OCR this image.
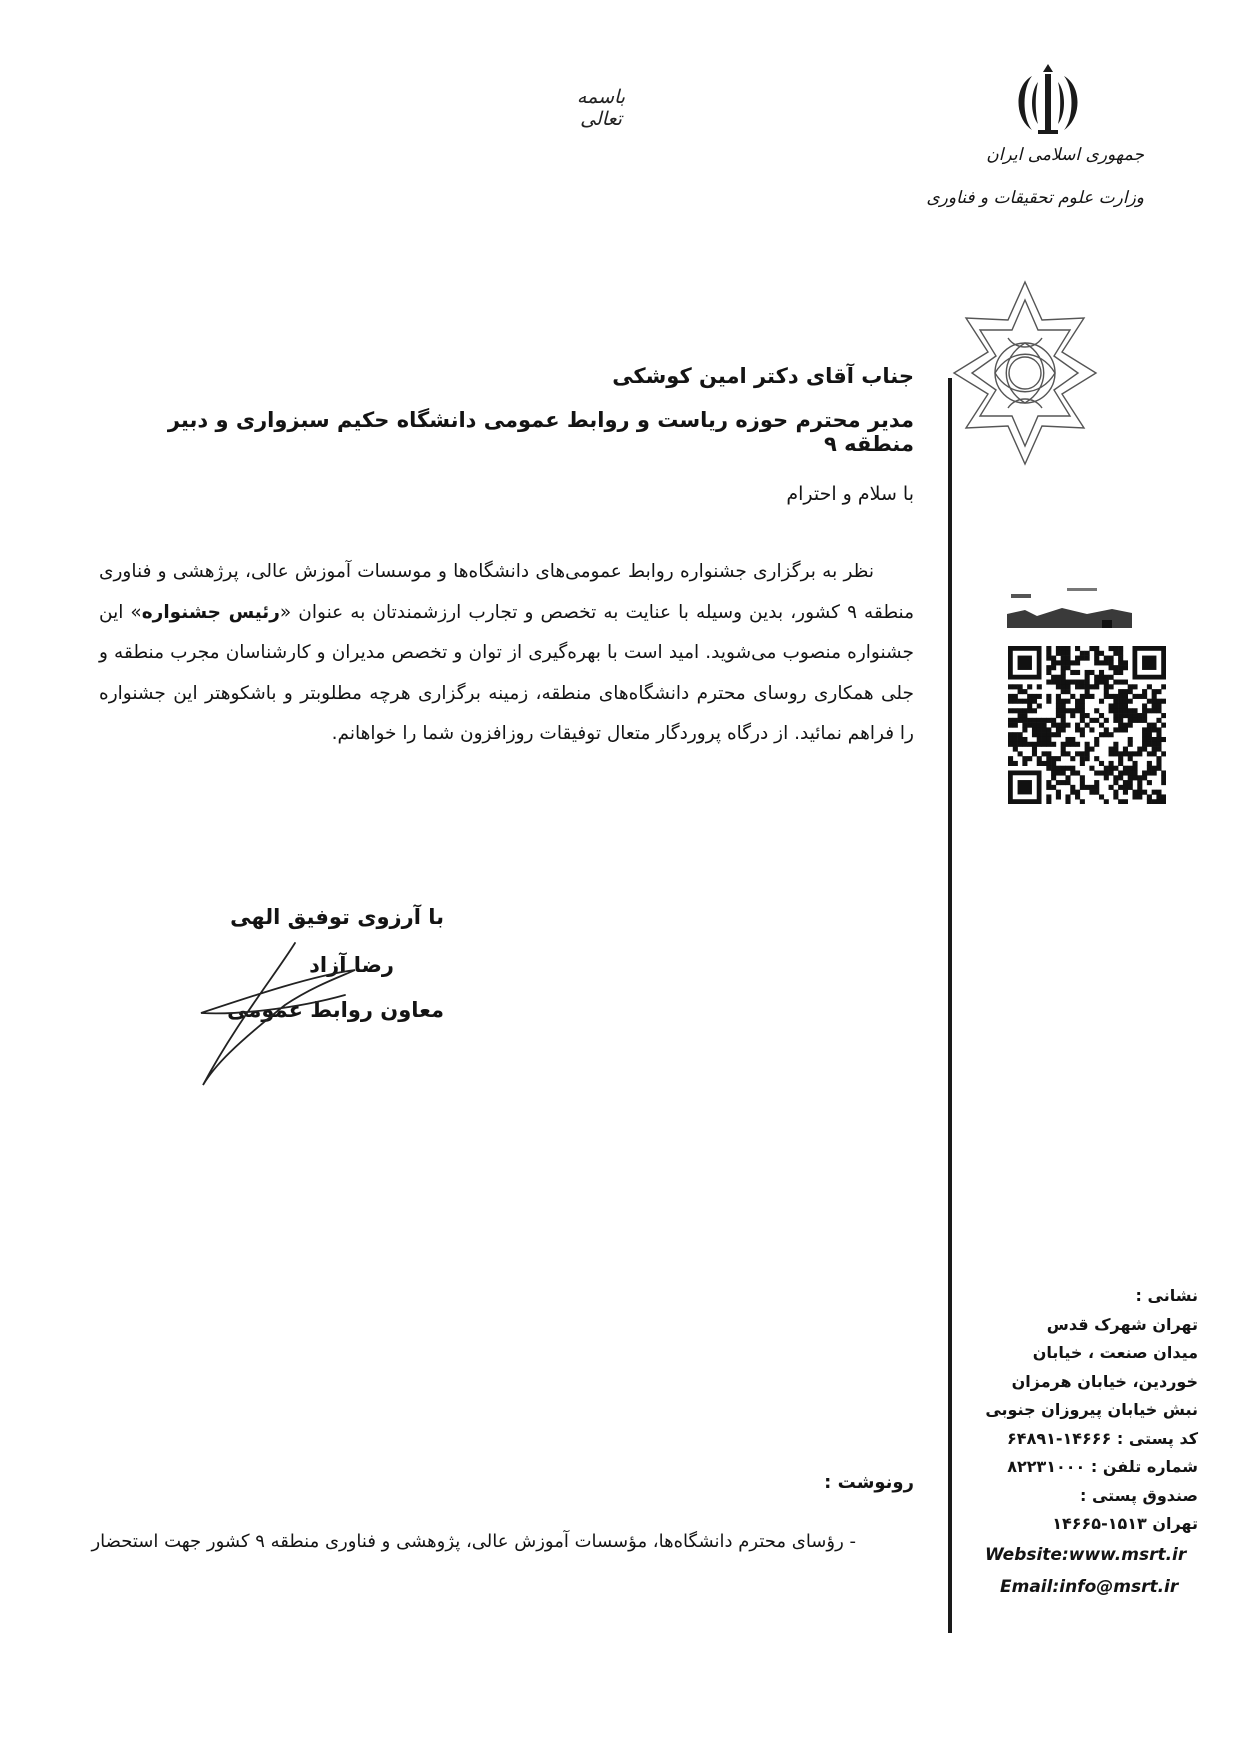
باسمه تعالی
جمهوری اسلامی ایران
وزارت علوم تحقیقات و فناوری
جناب آقای دکتر امین کوشکی
مدیر محترم حوزه ریاست و روابط عمومی دانشگاه حکیم سبزواری و دبیر منطقه ۹
با سلام و احترام
نظر به برگزاری جشنواره روابط عمومی‌های دانشگاه‌ها و موسسات آموزش عالی، پرژهشی و فناوری منطقه ۹ کشور، بدین وسیله با عنایت به تخصص و تجارب ارزشمندتان به عنوان «رئیس جشنواره» این جشنواره منصوب می‌شوید. امید است با بهره‌گیری از توان و تخصص مدیران و کارشناسان مجرب منطقه و جلی همکاری روسای محترم دانشگاه‌های منطقه، زمینه برگزاری هرچه مطلوبتر و باشکوهتر این جشنواره را فراهم نمائید. از درگاه پروردگار متعال توفیقات روزافزون شما را خواهانم.
با آرزوی توفیق الهی
رضا آزاد
معاون روابط عمومی
رونوشت :
- رؤسای محترم دانشگاه‌ها، مؤسسات آموزش عالی، پژوهشی و فناوری منطقه ۹ کشور جهت استحضار
نشانی :
تهران شهرک قدس
میدان صنعت ، خیابان
خوردین، خیابان هرمزان
نبش خیابان پیروزان جنوبی
کد پستی : ۱۴۶۶۶-۶۴۸۹۱
شماره تلفن : ۸۲۲۳۱۰۰۰
صندوق پستی :
تهران ۱۵۱۳-۱۴۶۶۵
Website:www.msrt.ir
Email:info@msrt.ir
